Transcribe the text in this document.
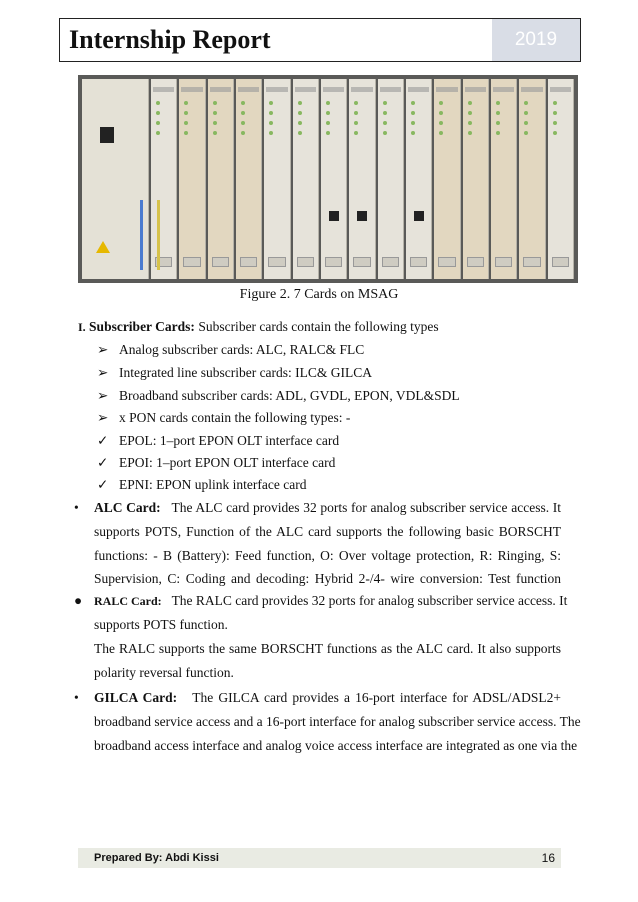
Internship Report	2019
Figure 2. 7 Cards on MSAG
I. Subscriber Cards: Subscriber cards contain the following types
➢ Analog subscriber cards: ALC, RALC& FLC
➢ Integrated line subscriber cards: ILC& GILCA
➢ Broadband subscriber cards: ADL, GVDL, EPON, VDL&SDL
➢ x PON cards contain the following types: -
✓ EPOL: 1–port EPON OLT interface card
✓ EPOI: 1–port EPON OLT interface card
✓ EPNI: EPON uplink interface card
• ALC Card: The ALC card provides 32 ports for analog subscriber service access. It
supports POTS, Function of the ALC card supports the following basic BORSCHT
functions: - B (Battery): Feed function, O: Over voltage protection, R: Ringing, S:
Supervision, C: Coding and decoding: Hybrid 2-/4- wire conversion: Test function
● RALC Card: The RALC card provides 32 ports for analog subscriber service access. It
supports POTS function.
The RALC supports the same BORSCHT functions as the ALC card. It also supports
polarity reversal function.
• GILCA Card: The GILCA card provides a 16-port interface for ADSL/ADSL2+
broadband service access and a 16-port interface for analog subscriber service access. The
broadband access interface and analog voice access interface are integrated as one via the
Prepared By: Abdi Kissi	16
